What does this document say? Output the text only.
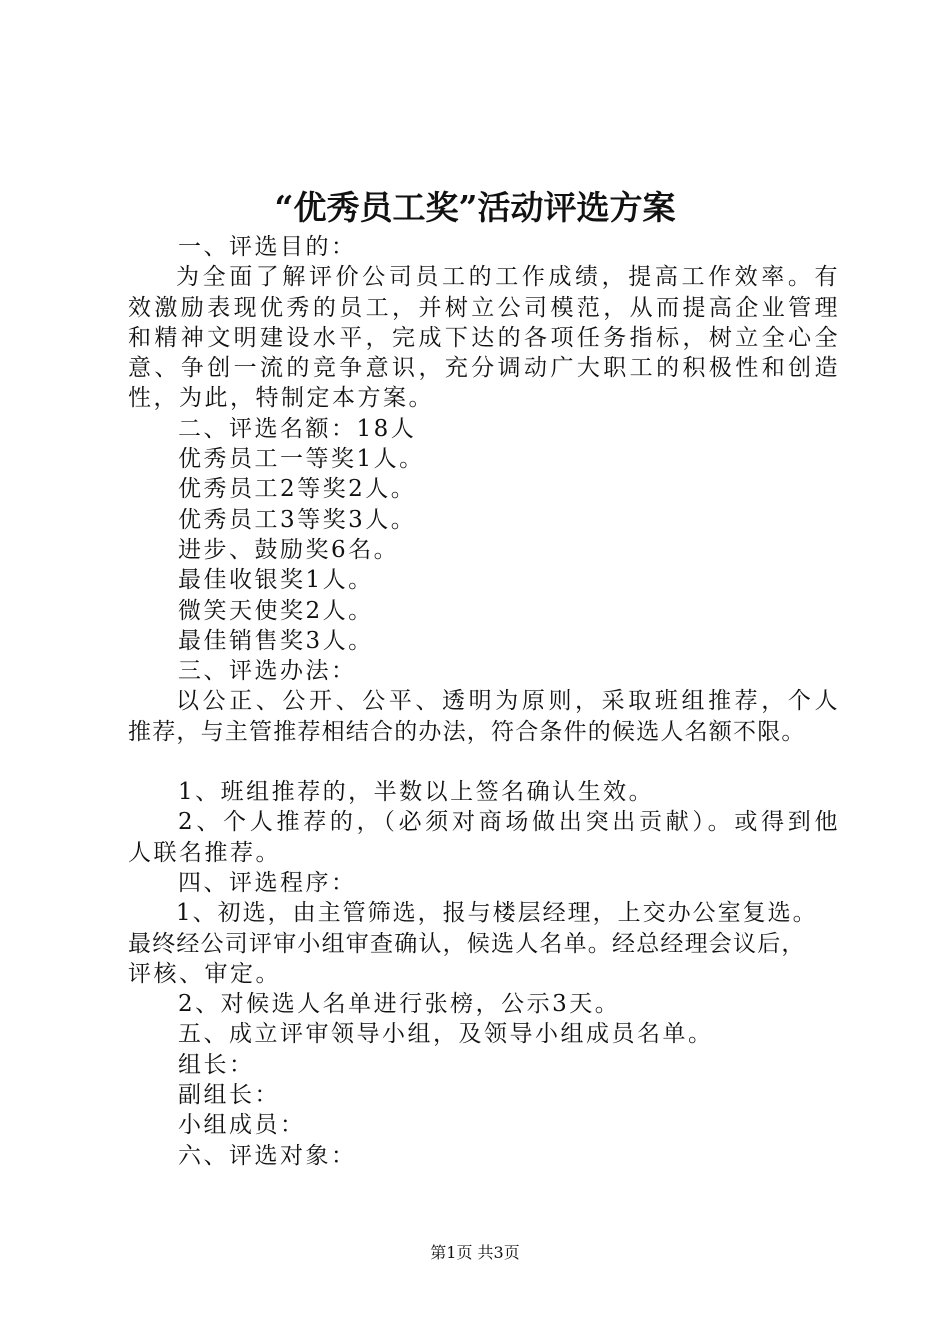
“优秀员工奖”活动评选方案
一、评选目的：
为全面了解评价公司员工的工作成绩，提高工作效率。有
效激励表现优秀的员工，并树立公司模范，从而提高企业管理
和精神文明建设水平，完成下达的各项任务指标，树立全心全
意、争创一流的竞争意识，充分调动广大职工的积极性和创造
性，为此，特制定本方案。
二、评选名额：18人
优秀员工一等奖1人。
优秀员工2等奖2人。
优秀员工3等奖3人。
进步、鼓励奖6名。
最佳收银奖1人。
微笑天使奖2人。
最佳销售奖3人。
三、评选办法：
以公正、公开、公平、透明为原则，采取班组推荐，个人
推荐，与主管推荐相结合的办法，符合条件的候选人名额不限。
1、班组推荐的，半数以上签名确认生效。
2、个人推荐的，（必须对商场做出突出贡献）。或得到他
人联名推荐。
四、评选程序：
1、初选，由主管筛选，报与楼层经理，上交办公室复选。
最终经公司评审小组审查确认，候选人名单。经总经理会议后，
评核、审定。
2、对候选人名单进行张榜，公示3天。
五、成立评审领导小组，及领导小组成员名单。
组长：
副组长：
小组成员：
六、评选对象：
第1页 共3页
